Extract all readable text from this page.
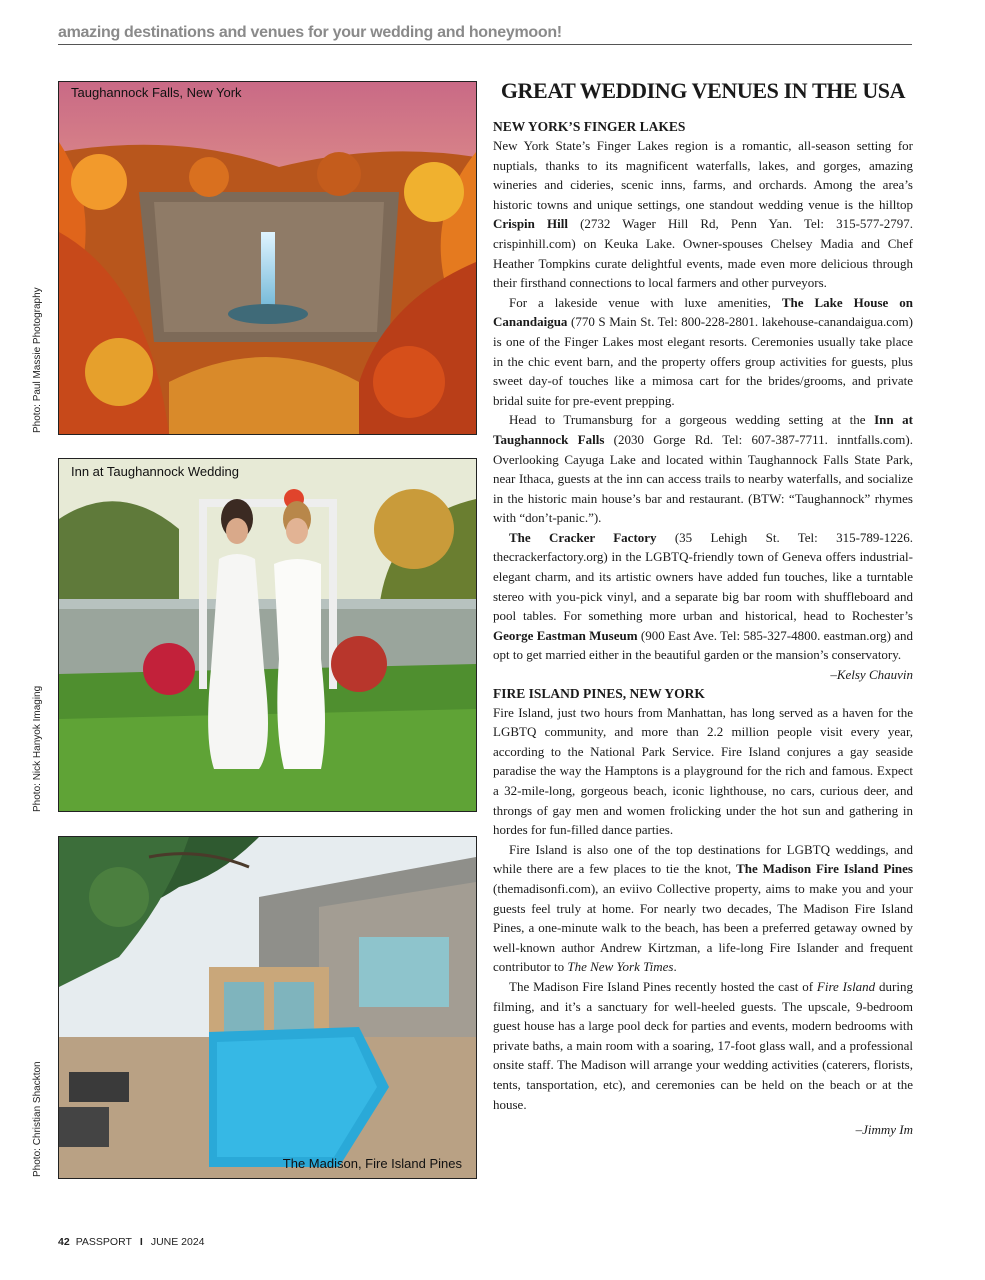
amazing destinations and venues for your wedding and honeymoon!
Taughannock Falls, New York
Photo: Paul Massie Photography
Inn at Taughannock Wedding
Photo: Nick Hanyok Imaging
The Madison, Fire Island Pines
Photo: Christian Shackton
GREAT WEDDING VENUES IN THE USA
NEW YORK’S FINGER LAKES

New York State’s Finger Lakes region is a romantic, all-season setting for nuptials, thanks to its magnificent waterfalls, lakes, and gorges, amazing wineries and cideries, scenic inns, farms, and orchards. Among the area’s historic towns and unique settings, one standout wedding venue is the hilltop Crispin Hill (2732 Wager Hill Rd, Penn Yan. Tel: 315-577-2797. crispinhill.com) on Keuka Lake. Owner-spouses Chelsey Madia and Chef Heather Tompkins curate delightful events, made even more delicious through their firsthand connections to local farmers and other purveyors.

For a lakeside venue with luxe amenities, The Lake House on Canandaigua (770 S Main St. Tel: 800-228-2801. lakehouse-canandaigua.com) is one of the Finger Lakes most elegant resorts. Ceremonies usually take place in the chic event barn, and the property offers group activities for guests, plus sweet day-of touches like a mimosa cart for the brides/grooms, and private bridal suite for pre-event prepping.

Head to Trumansburg for a gorgeous wedding setting at the Inn at Taughannock Falls (2030 Gorge Rd. Tel: 607-387-7711. inntfalls.com). Overlooking Cayuga Lake and located within Taughannock Falls State Park, near Ithaca, guests at the inn can access trails to nearby waterfalls, and socialize in the historic main house’s bar and restaurant. (BTW: “Taughannock” rhymes with “don’t-panic.”).

The Cracker Factory (35 Lehigh St. Tel: 315-789-1226. thecrackerfactory.org) in the LGBTQ-friendly town of Geneva offers industrial-elegant charm, and its artistic owners have added fun touches, like a turntable stereo with you-pick vinyl, and a separate big bar room with shuffleboard and pool tables. For something more urban and historical, head to Rochester’s George Eastman Museum (900 East Ave. Tel: 585-327-4800. eastman.org) and opt to get married either in the beautiful garden or the mansion’s conservatory.

–Kelsy Chauvin

FIRE ISLAND PINES, NEW YORK

Fire Island, just two hours from Manhattan, has long served as a haven for the LGBTQ community, and more than 2.2 million people visit every year, according to the National Park Service. Fire Island conjures a gay seaside paradise the way the Hamptons is a playground for the rich and famous. Expect a 32-mile-long, gorgeous beach, iconic lighthouse, no cars, curious deer, and throngs of gay men and women frolicking under the hot sun and gathering in hordes for fun-filled dance parties.

Fire Island is also one of the top destinations for LGBTQ weddings, and while there are a few places to tie the knot, The Madison Fire Island Pines (themadisonfi.com), an eviivo Collective property, aims to make you and your guests feel truly at home. For nearly two decades, The Madison Fire Island Pines, a one-minute walk to the beach, has been a preferred getaway owned by well-known author Andrew Kirtzman, a life-long Fire Islander and frequent contributor to The New York Times.

The Madison Fire Island Pines recently hosted the cast of Fire Island during filming, and it’s a sanctuary for well-heeled guests. The upscale, 9-bedroom guest house has a large pool deck for parties and events, modern bedrooms with private baths, a main room with a soaring, 17-foot glass wall, and a professional onsite staff. The Madison will arrange your wedding activities (caterers, florists, tents, tansportation, etc), and ceremonies can be held on the beach or at the house.

–Jimmy Im

42 PASSPORT I JUNE 2024
